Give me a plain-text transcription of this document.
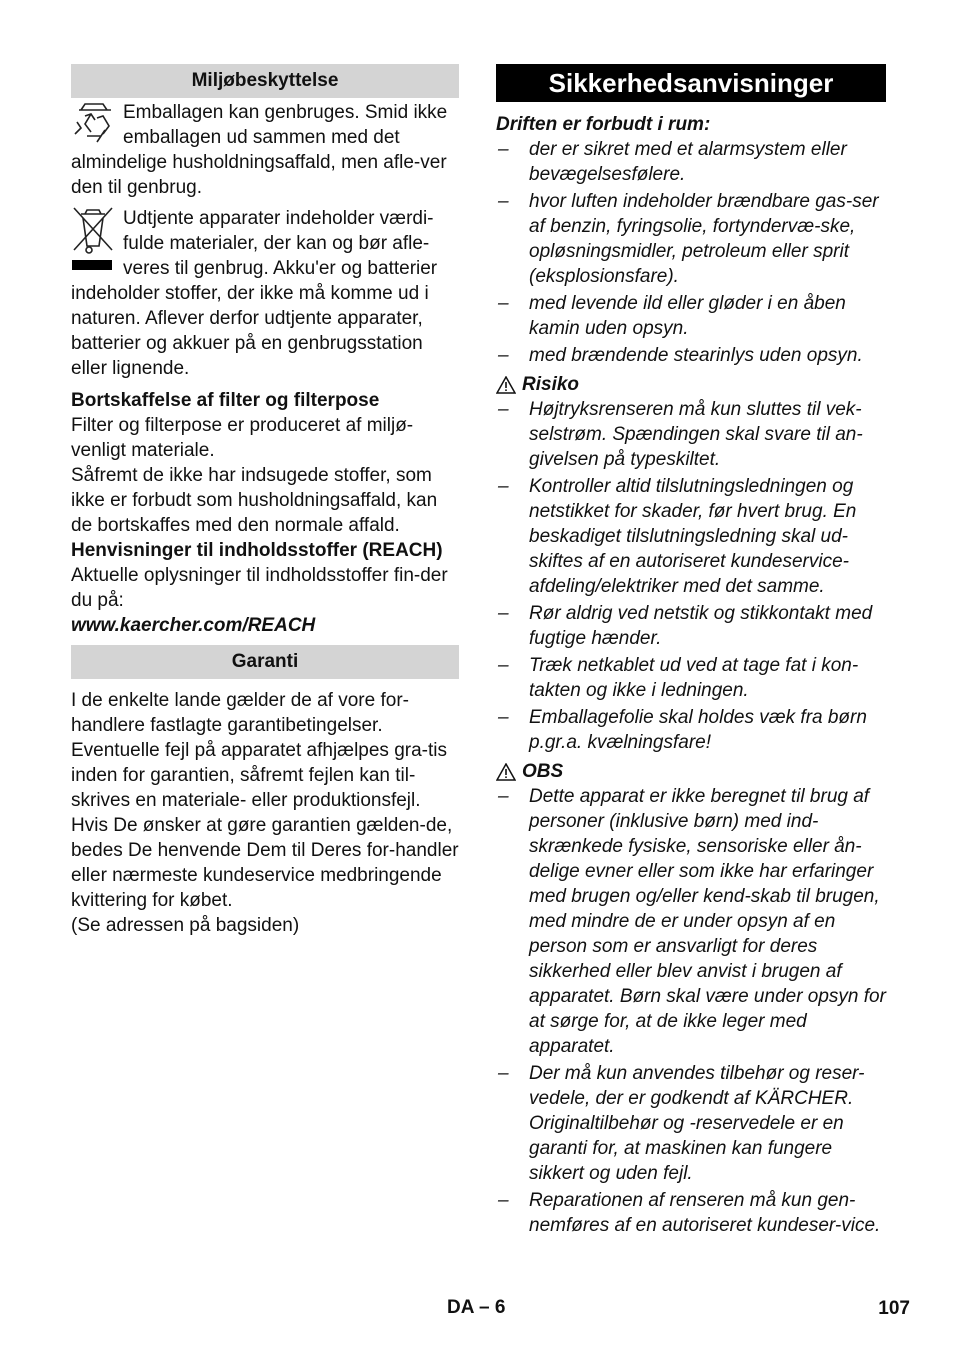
Miljøbeskyttelse

Emballagen kan genbruges. Smid ikke emballagen ud sammen med det almindelige husholdningsaffald, men afle-ver den til genbrug.

Udtjente apparater indeholder værdi-fulde materialer, der kan og bør afle-veres til genbrug. Akku'er og batterier indeholder stoffer, der ikke må komme ud i naturen. Aflever derfor udtjente apparater, batterier og akkuer på en genbrugsstation eller lignende.

Bortskaffelse af filter og filterpose

Filter og filterpose er produceret af miljø-venligt materiale.

Såfremt de ikke har indsugede stoffer, som ikke er forbudt som husholdningsaffald, kan de bortskaffes med den normale affald.

Henvisninger til indholdsstoffer (REACH)

Aktuelle oplysninger til indholdsstoffer fin-der du på:

www.kaercher.com/REACH

Garanti

I de enkelte lande gælder de af vore for-handlere fastlagte garantibetingelser. Eventuelle fejl på apparatet afhjælpes gra-tis inden for garantien, såfremt fejlen kan til-skrives en materiale- eller produktionsfejl. Hvis De ønsker at gøre garantien gælden-de, bedes De henvende Dem til Deres for-handler eller nærmeste kundeservice medbringende kvittering for købet.

(Se adressen på bagsiden)

Sikkerhedsanvisninger

Driften er forbudt i rum:

– der er sikret med et alarmsystem eller bevægelsesfølere.
– hvor luften indeholder brændbare gas-ser af benzin, fyringsolie, fortyndervæ-ske, opløsningsmidler, petroleum eller sprit (eksplosionsfare).
– med levende ild eller gløder i en åben kamin uden opsyn.
– med brændende stearinlys uden opsyn.
Risiko
– Højtryksrenseren må kun sluttes til vek-selstrøm. Spændingen skal svare til an-givelsen på typeskiltet.
– Kontroller altid tilslutningsledningen og netstikket for skader, før hvert brug. En beskadiget tilslutningsledning skal ud-skiftes af en autoriseret kundeservice-afdeling/elektriker med det samme.
– Rør aldrig ved netstik og stikkontakt med fugtige hænder.
– Træk netkablet ud ved at tage fat i kon-takten og ikke i ledningen.
– Emballagefolie skal holdes væk fra børn p.gr.a. kvælningsfare!
OBS
– Dette apparat er ikke beregnet til brug af personer (inklusive børn) med ind-skrænkede fysiske, sensoriske eller ån-delige evner eller som ikke har erfaringer med brugen og/eller kend-skab til brugen, med mindre de er under opsyn af en person som er ansvarligt for deres sikkerhed eller blev anvist i brugen af apparatet. Børn skal være under opsyn for at sørge for, at de ikke leger med apparatet.
– Der må kun anvendes tilbehør og reser-vedele, der er godkendt af KÄRCHER. Originaltilbehør og -reservedele er en garanti for, at maskinen kan fungere sikkert og uden fejl.
– Reparationen af renseren må kun gen-nemføres af en autoriseret kundeser-vice.
DA – 6	107
